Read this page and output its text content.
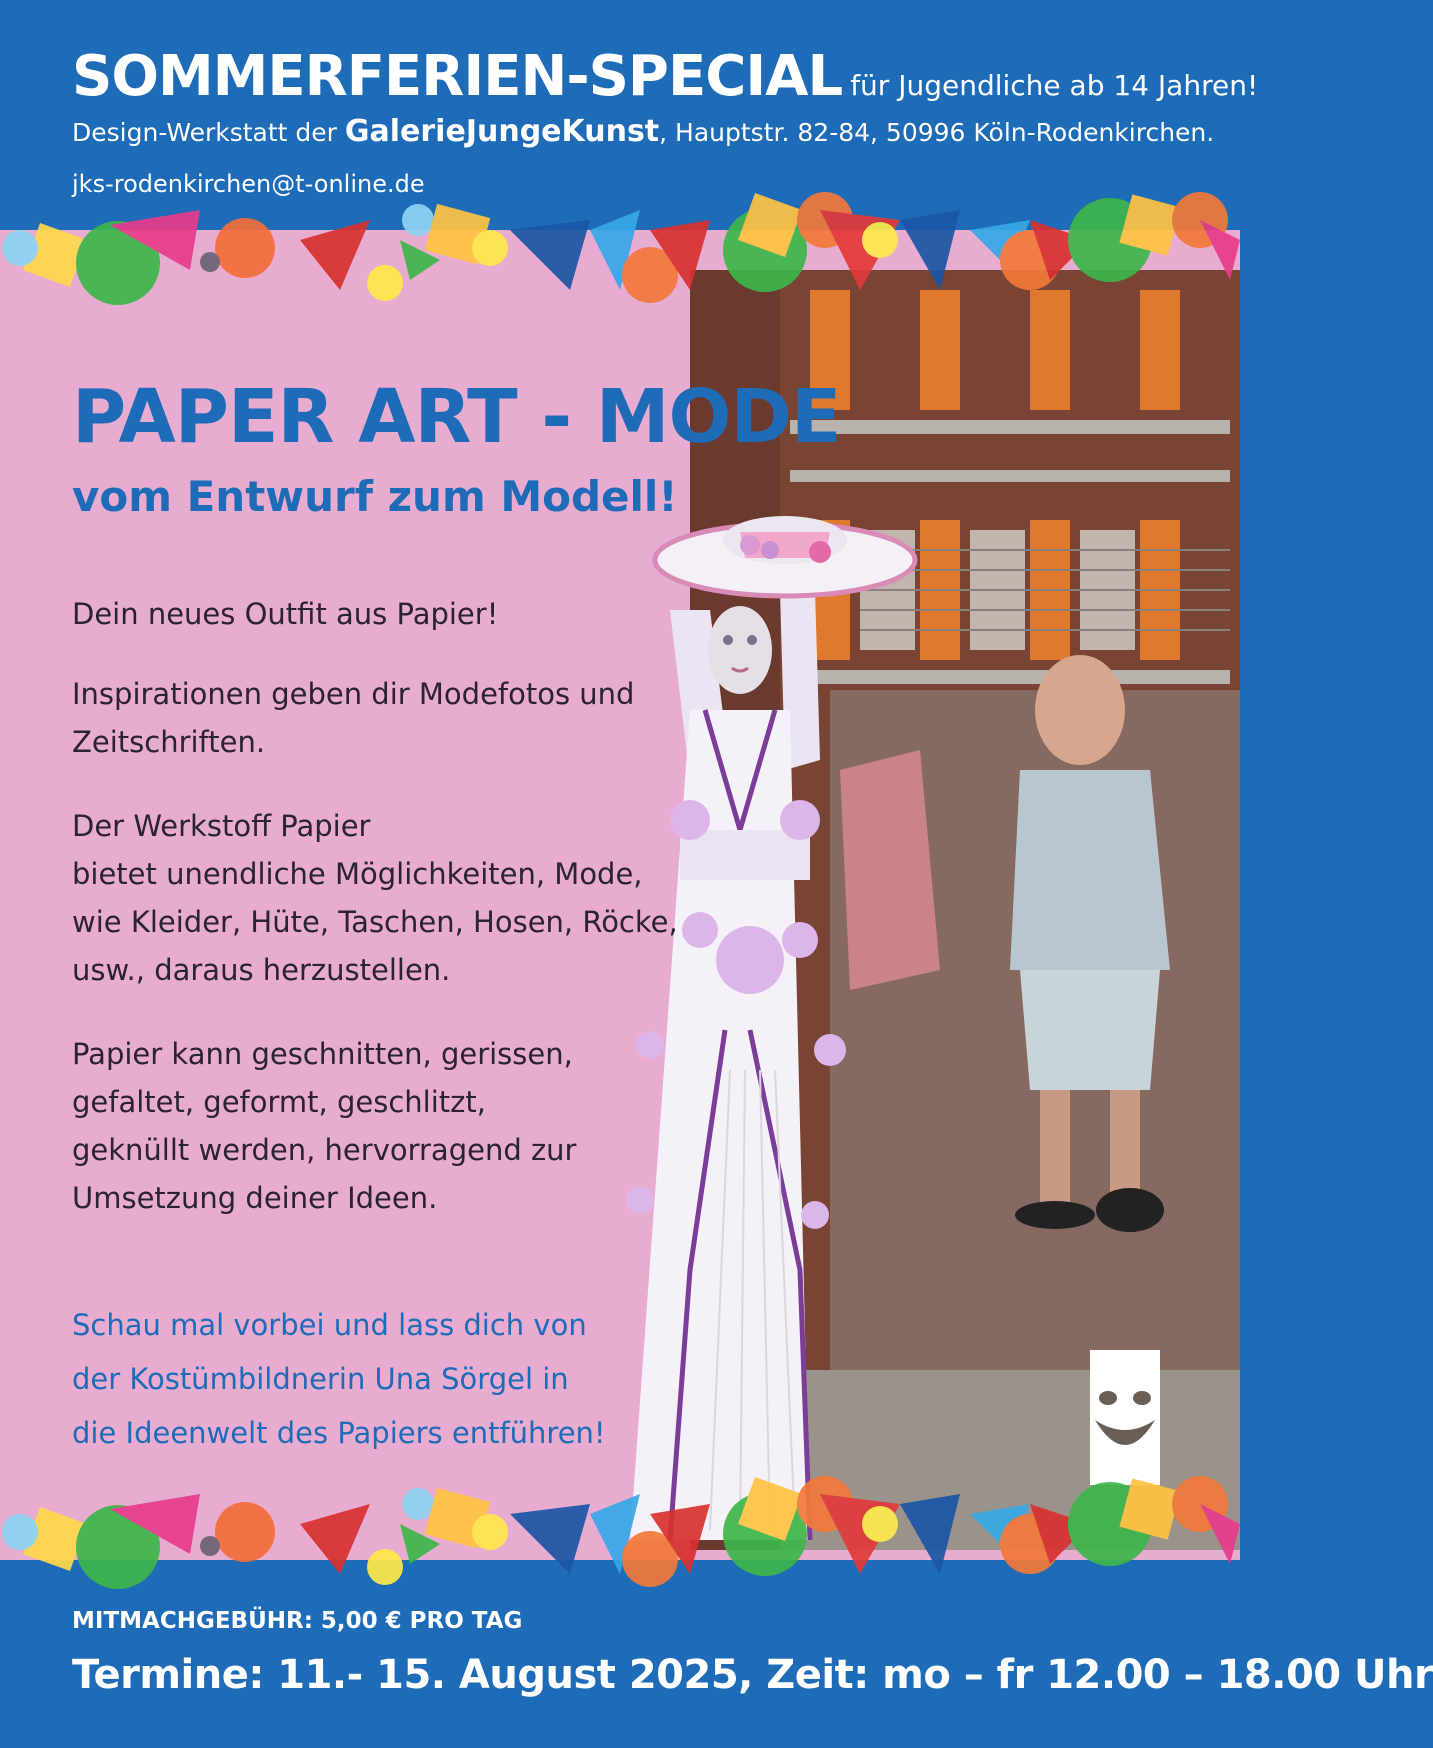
SOMMERFERIEN-SPECIAL für Jugendliche ab 14 Jahren!
Design-Werkstatt der GalerieJungeKunst, Hauptstr. 82-84, 50996 Köln-Rodenkirchen.
jks-rodenkirchen@t-online.de
PAPER ART - MODE
vom Entwurf zum Modell!
Dein neues Outfit aus Papier!
Inspirationen geben dir Modefotos und
Zeitschriften.
Der Werkstoff Papier
bietet unendliche Möglichkeiten, Mode,
wie Kleider, Hüte, Taschen, Hosen, Röcke,
usw., daraus herzustellen.
Papier kann geschnitten, gerissen,
gefaltet, geformt, geschlitzt,
geknüllt werden, hervorragend zur
Umsetzung deiner Ideen.
Schau mal vorbei und lass dich von
der Kostümbildnerin Una Sörgel in
die Ideenwelt des Papiers entführen!
MITMACHGEBÜHR: 5,00 € PRO TAG
Termine: 11.- 15. August 2025, Zeit: mo – fr 12.00 – 18.00 Uhr
